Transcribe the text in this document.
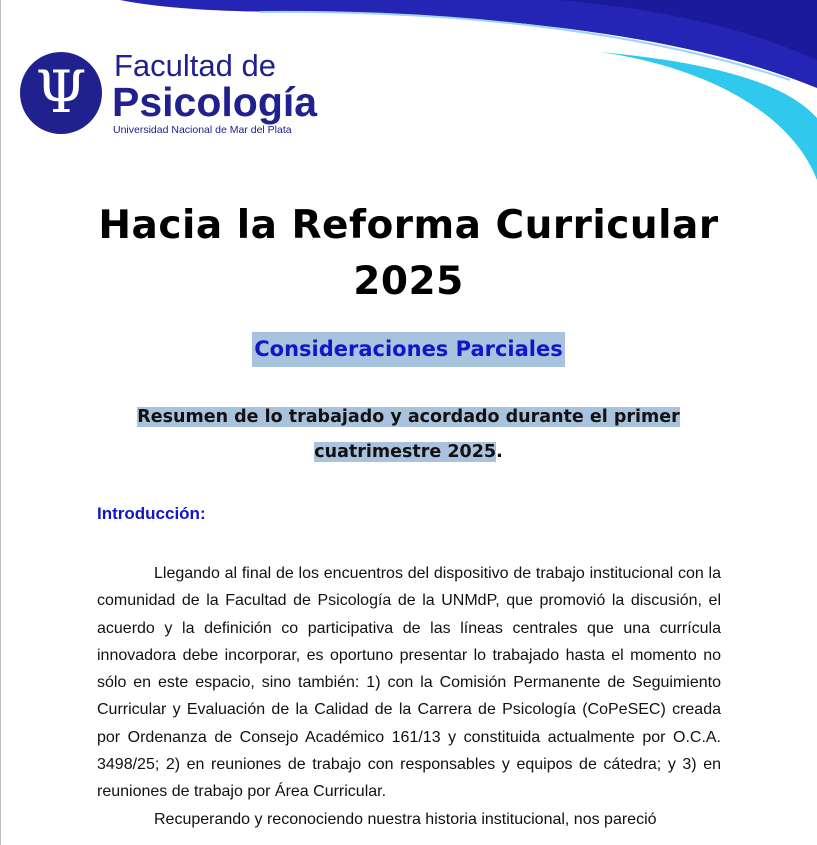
Ψ Facultad de
Psicología
Universidad Nacional de Mar del Plata
Hacia la Reforma Curricular
2025
Consideraciones Parciales

Resumen de lo trabajado y acordado durante el primer
cuatrimestre 2025.

Introducción:

Llegando al final de los encuentros del dispositivo de trabajo institucional con la comunidad de la Facultad de Psicología de la UNMdP, que promovió la discusión, el acuerdo y la definición co participativa de las líneas centrales que una currícula innovadora debe incorporar, es oportuno presentar lo trabajado hasta el momento no sólo en este espacio, sino también: 1) con la Comisión Permanente de Seguimiento Curricular y Evaluación de la Calidad de la Carrera de Psicología (CoPeSEC) creada por Ordenanza de Consejo Académico 161/13 y constituida actualmente por O.C.A. 3498/25; 2) en reuniones de trabajo con responsables y equipos de cátedra; y 3) en reuniones de trabajo por Área Curricular.

Recuperando y reconociendo nuestra historia institucional, nos pareció
